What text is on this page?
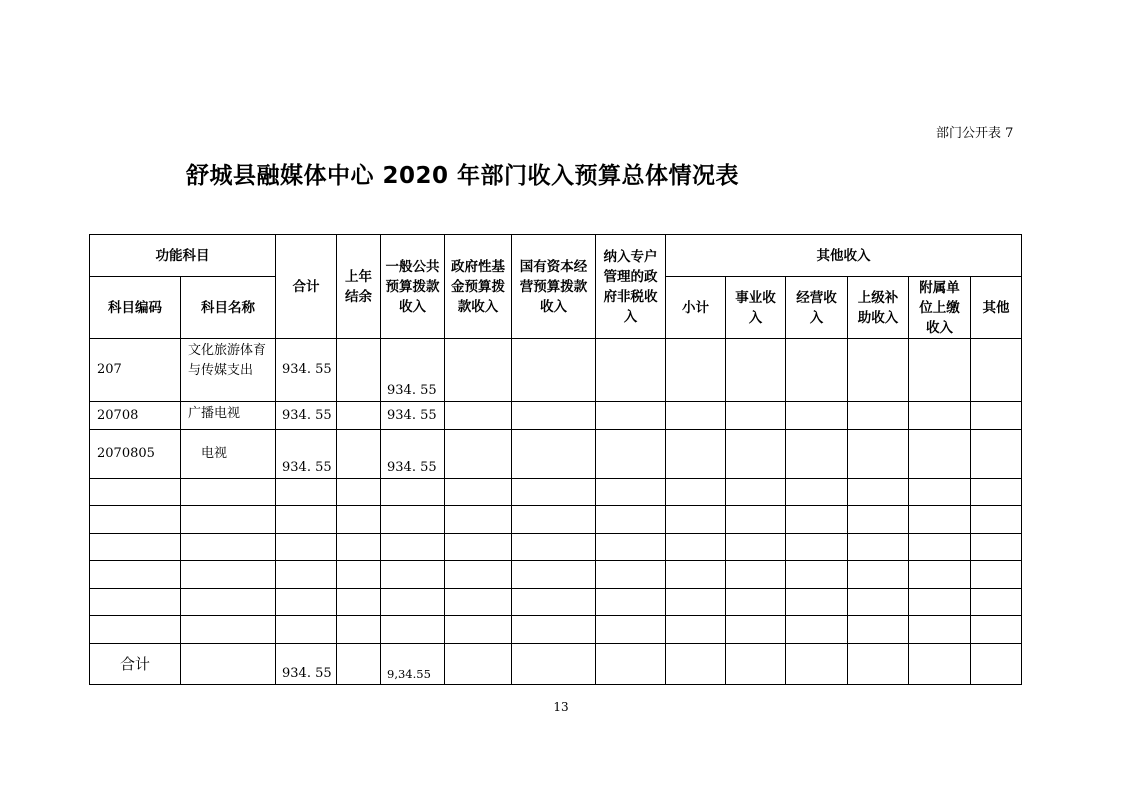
部门公开表 7
舒城县融媒体中心 2020 年部门收入预算总体情况表
功能科目		合计	上年结余	一般公共预算拨款收入	政府性基金预算拨款收入	国有资本经营预算拨款收入	纳入专户管理的政府非税收入	其他收入					
科目编码	科目名称							小计	事业收入	经营收入	上级补助收入	附属单位上缴收入	其他
207	文化旅游体育与传媒支出	934. 55		934. 55									
20708	广播电视	934. 55		934. 55									
2070805	电视	934. 55		934. 55									

合计		934. 55		9,34.55									
13
